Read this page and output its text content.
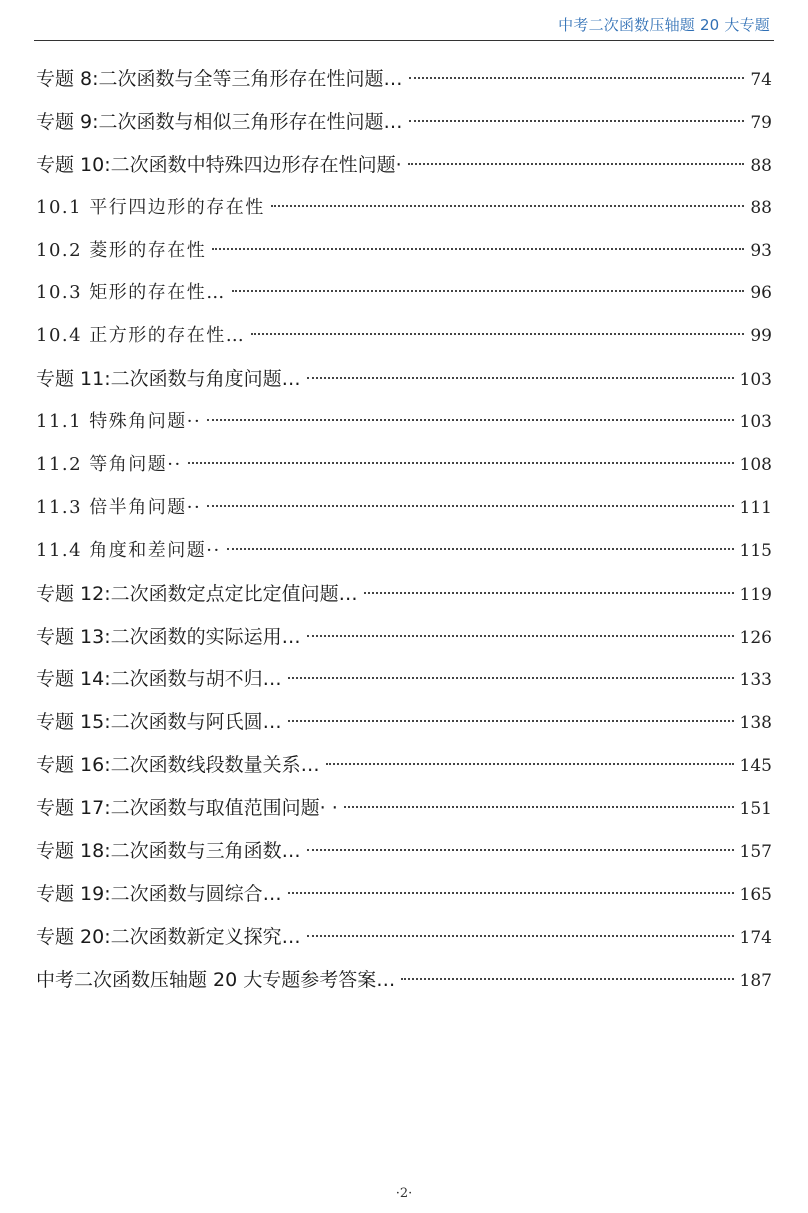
中考二次函数压轴题 20 大专题
专题 8:二次函数与全等三角形存在性问题…	74
专题 9:二次函数与相似三角形存在性问题…	79
专题 10:二次函数中特殊四边形存在性问题·	88
10.1 平行四边形的存在性	88
10.2 菱形的存在性	93
10.3 矩形的存在性…	96
10.4 正方形的存在性…	99
专题 11:二次函数与角度问题…	103
11.1 特殊角问题··	103
11.2 等角问题··	108
11.3 倍半角问题··	111
11.4 角度和差问题··	115
专题 12:二次函数定点定比定值问题…	119
专题 13:二次函数的实际运用…	126
专题 14:二次函数与胡不归…	133
专题 15:二次函数与阿氏圆…	138
专题 16:二次函数线段数量关系…	145
专题 17:二次函数与取值范围问题· ·	151
专题 18:二次函数与三角函数…	157
专题 19:二次函数与圆综合…	165
专题 20:二次函数新定义探究…	174
中考二次函数压轴题 20 大专题参考答案…	187
·2·
